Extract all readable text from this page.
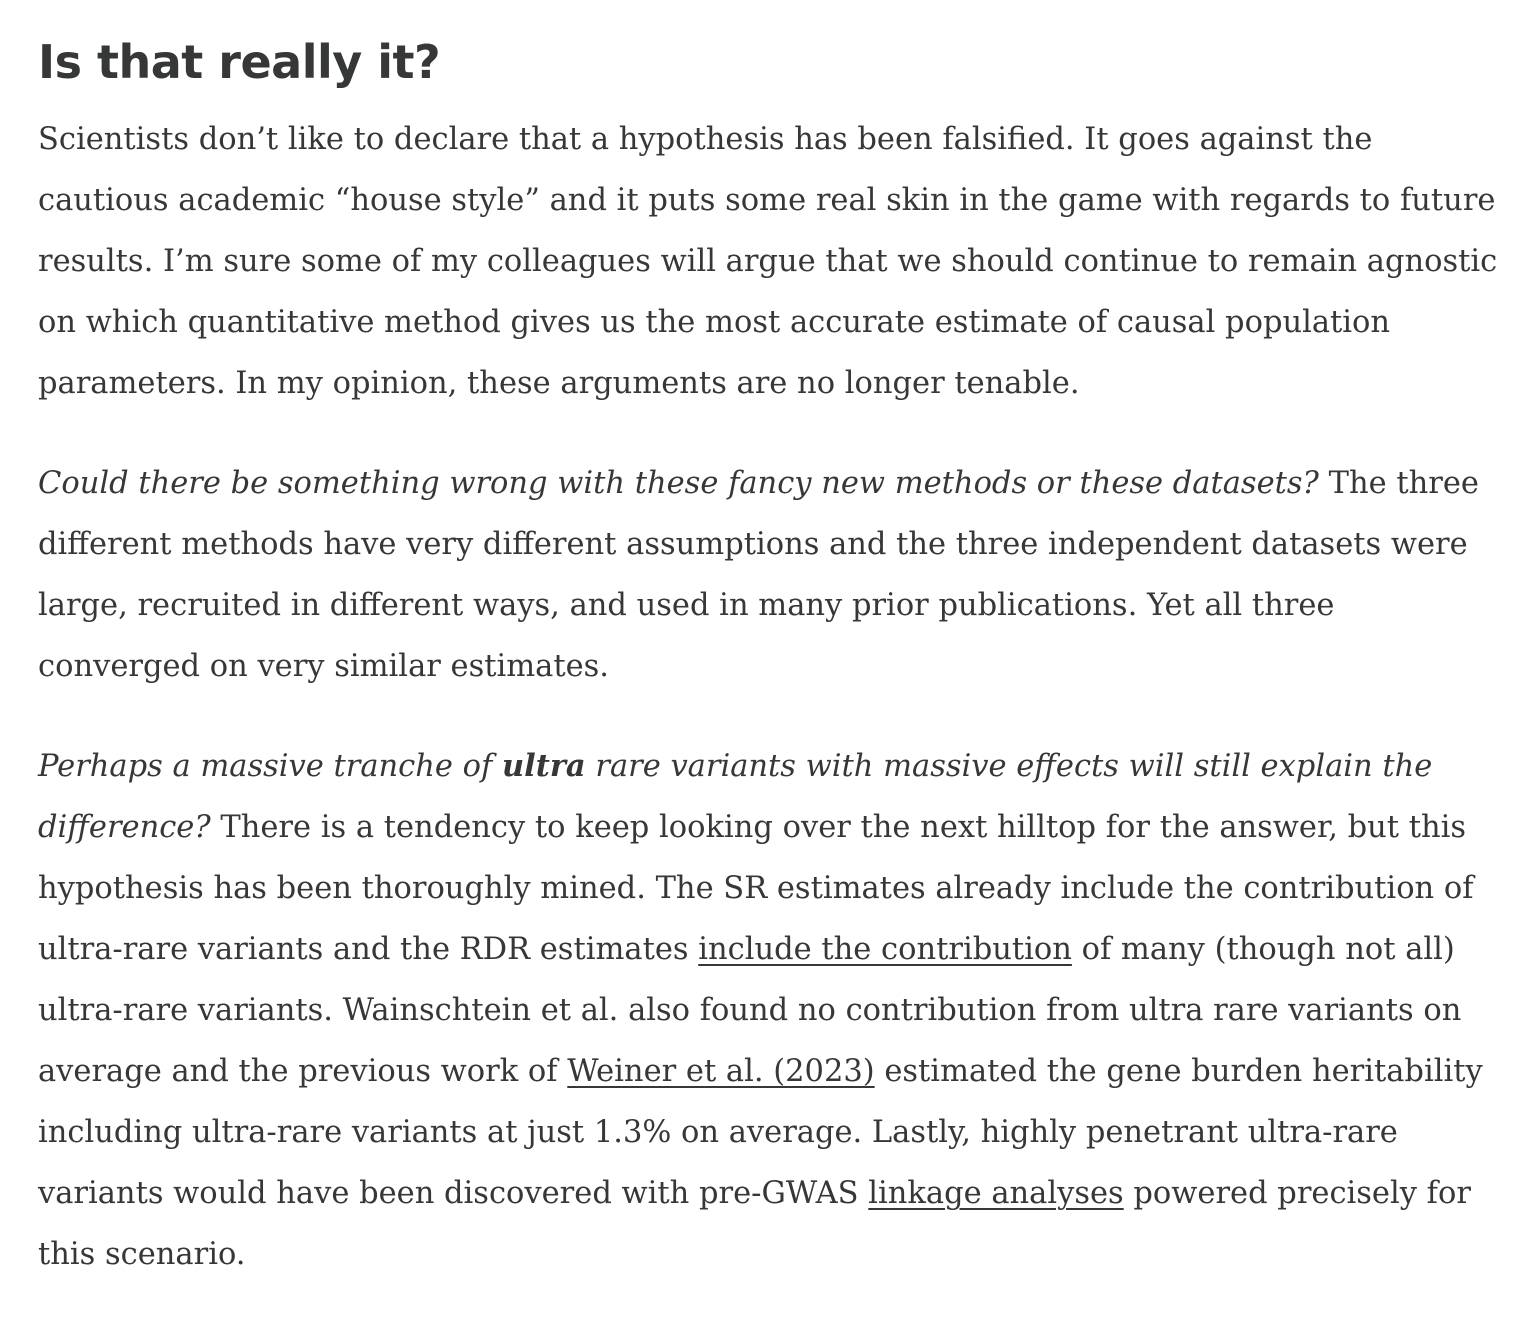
Is that really it?

Scientists don’t like to declare that a hypothesis has been falsified. It goes against the cautious academic “house style” and it puts some real skin in the game with regards to future results. I’m sure some of my colleagues will argue that we should continue to remain agnostic on which quantitative method gives us the most accurate estimate of causal population parameters. In my opinion, these arguments are no longer tenable.

Could there be something wrong with these fancy new methods or these datasets? The three different methods have very different assumptions and the three independent datasets were large, recruited in different ways, and used in many prior publications. Yet all three converged on very similar estimates.

Perhaps a massive tranche of ultra rare variants with massive effects will still explain the difference? There is a tendency to keep looking over the next hilltop for the answer, but this hypothesis has been thoroughly mined. The SR estimates already include the contribution of ultra-rare variants and the RDR estimates include the contribution of many (though not all) ultra-rare variants. Wainschtein et al. also found no contribution from ultra rare variants on average and the previous work of Weiner et al. (2023) estimated the gene burden heritability including ultra-rare variants at just 1.3% on average. Lastly, highly penetrant ultra-rare variants would have been discovered with pre-GWAS linkage analyses powered precisely for this scenario.
